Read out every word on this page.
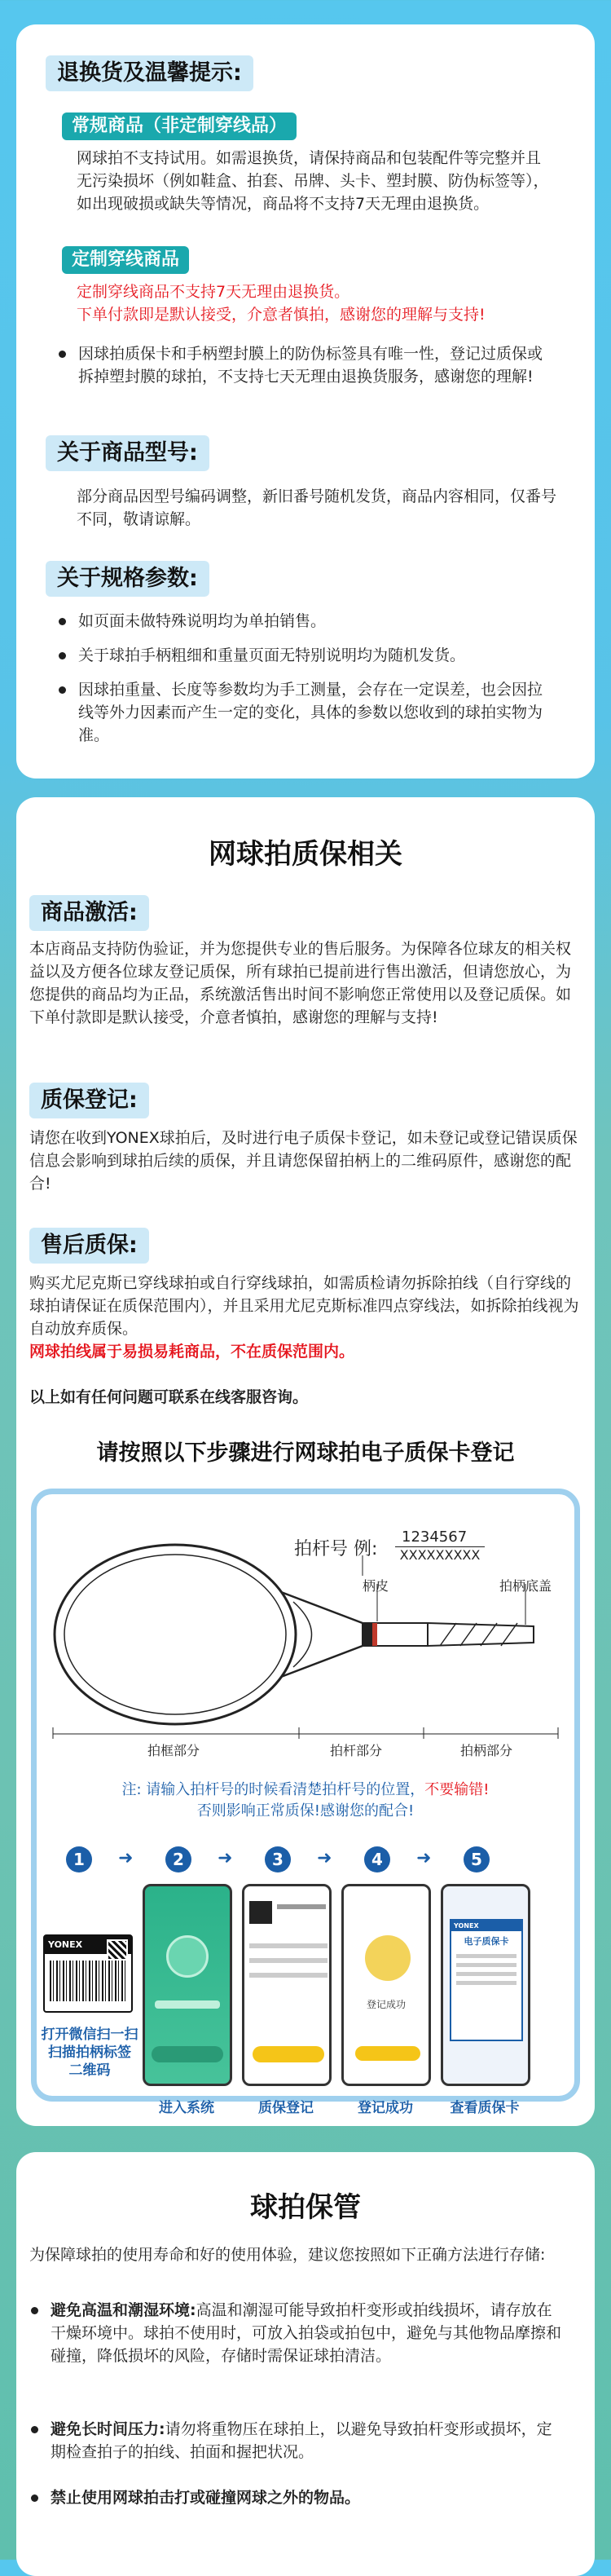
退换货及温馨提示:
常规商品（非定制穿线品）
网球拍不支持试用。如需退换货，请保持商品和包装配件等完整并且无污染损坏（例如鞋盒、拍套、吊牌、头卡、塑封膜、防伪标签等），如出现破损或缺失等情况，商品将不支持7天无理由退换货。
定制穿线商品
定制穿线商品不支持7天无理由退换货。
下单付款即是默认接受，介意者慎拍，感谢您的理解与支持!
因球拍质保卡和手柄塑封膜上的防伪标签具有唯一性，登记过质保或拆掉塑封膜的球拍，不支持七天无理由退换货服务，感谢您的理解!
关于商品型号:
部分商品因型号编码调整，新旧番号随机发货，商品内容相同，仅番号不同，敬请谅解。
关于规格参数:
如页面未做特殊说明均为单拍销售。
关于球拍手柄粗细和重量页面无特别说明均为随机发货。
因球拍重量、长度等参数均为手工测量，会存在一定误差，也会因拉线等外力因素而产生一定的变化，具体的参数以您收到的球拍实物为准。
网球拍质保相关
商品激活:
本店商品支持防伪验证，并为您提供专业的售后服务。为保障各位球友的相关权益以及方便各位球友登记质保，所有球拍已提前进行售出激活，但请您放心，为您提供的商品均为正品，系统激活售出时间不影响您正常使用以及登记质保。如下单付款即是默认接受，介意者慎拍，感谢您的理解与支持!
质保登记:
请您在收到YONEX球拍后，及时进行电子质保卡登记，如未登记或登记错误质保信息会影响到球拍后续的质保，并且请您保留拍柄上的二维码原件，感谢您的配合!
售后质保:
购买尤尼克斯已穿线球拍或自行穿线球拍，如需质检请勿拆除拍线（自行穿线的球拍请保证在质保范围内），并且采用尤尼克斯标准四点穿线法，如拆除拍线视为自动放弃质保。
网球拍线属于易损易耗商品，不在质保范围内。
以上如有任何问题可联系在线客服咨询。
请按照以下步骤进行网球拍电子质保卡登记
拍杆号 例:
1234567
XXXXXXXXX
柄皮	拍柄底盖
拍框部分	拍杆部分	拍柄部分
注: 请输入拍杆号的时候看清楚拍杆号的位置，不要输错!
否则影响正常质保!感谢您的配合!
1	➜	2	➜	3	➜	4	➜	5
YONEX
打开微信扫一扫
扫描拍柄标签
二维码
进入系统	质保登记
登记成功
登记成功
YONEX
电子质保卡
查看质保卡
球拍保管
为保障球拍的使用寿命和好的使用体验，建议您按照如下正确方法进行存储:
避免高温和潮湿环境:高温和潮湿可能导致拍杆变形或拍线损坏，请存放在干燥环境中。球拍不使用时，可放入拍袋或拍包中，避免与其他物品摩擦和碰撞，降低损坏的风险，存储时需保证球拍清洁。
避免长时间压力:请勿将重物压在球拍上，以避免导致拍杆变形或损坏，定期检查拍子的拍线、拍面和握把状况。
禁止使用网球拍击打或碰撞网球之外的物品。
